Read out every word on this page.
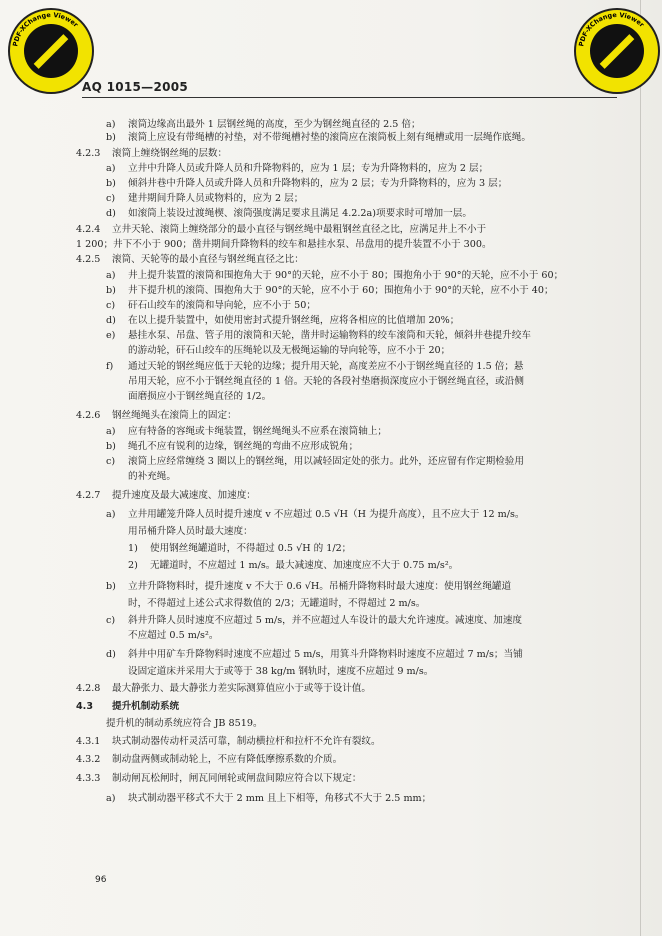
PDF-XChange Viewer
PDF-XChange Viewer
AQ 1015—2005
a) 滚筒边缘高出最外 1 层钢丝绳的高度，至少为钢丝绳直径的 2.5 倍；
b) 滚筒上应设有带绳槽的衬垫，对不带绳槽衬垫的滚筒应在滚筒板上刻有绳槽或用一层绳作底绳。
4.2.3 滚筒上缠绕钢丝绳的层数：
a) 立井中升降人员或升降人员和升降物料的，应为 1 层；专为升降物料的，应为 2 层；
b) 倾斜井巷中升降人员或升降人员和升降物料的，应为 2 层；专为升降物料的，应为 3 层；
c) 建井期间升降人员或物料的，应为 2 层；
d) 如滚筒上装设过渡绳楔、滚筒强度满足要求且满足 4.2.2a)项要求时可增加一层。
4.2.4 立井天轮、滚筒上缠绕部分的最小直径与钢丝绳中最粗钢丝直径之比，应满足井上不小于
1 200；井下不小于 900；凿井期间升降物料的绞车和悬挂水泵、吊盘用的提升装置不小于 300。
4.2.5 滚筒、天轮等的最小直径与钢丝绳直径之比：
a) 井上提升装置的滚筒和围抱角大于 90°的天轮，应不小于 80；围抱角小于 90°的天轮，应不小于 60；
b) 井下提升机的滚筒、围抱角大于 90°的天轮，应不小于 60；围抱角小于 90°的天轮，应不小于 40；
c) 矸石山绞车的滚筒和导向轮，应不小于 50；
d) 在以上提升装置中，如使用密封式提升钢丝绳，应将各相应的比值增加 20%；
e) 悬挂水泵、吊盘、管子用的滚筒和天轮，凿井时运输物料的绞车滚筒和天轮，倾斜井巷提升绞车
的游动轮，矸石山绞车的压绳轮以及无极绳运输的导向轮等，应不小于 20；
f) 通过天轮的钢丝绳应低于天轮的边缘；提升用天轮，高度差应不小于钢丝绳直径的 1.5 倍；悬
吊用天轮，应不小于钢丝绳直径的 1 倍。天轮的各段衬垫磨损深度应小于钢丝绳直径，或沿侧
面磨损应小于钢丝绳直径的 1/2。
4.2.6 钢丝绳绳头在滚筒上的固定：
a) 应有特备的容绳或卡绳装置，钢丝绳绳头不应系在滚筒轴上；
b) 绳孔不应有锐利的边缘，钢丝绳的弯曲不应形成锐角；
c) 滚筒上应经常缠绕 3 圈以上的钢丝绳，用以减轻固定处的张力。此外，还应留有作定期检验用
的补充绳。
4.2.7 提升速度及最大减速度、加速度：
a) 立井用罐笼升降人员时提升速度 v 不应超过 0.5 √H（H 为提升高度），且不应大于 12 m/s。
用吊桶升降人员时最大速度：
1) 使用钢丝绳罐道时，不得超过 0.5 √H 的 1/2；
2) 无罐道时，不应超过 1 m/s。最大减速度、加速度应不大于 0.75 m/s²。
b) 立井升降物料时，提升速度 v 不大于 0.6 √H。吊桶升降物料时最大速度：使用钢丝绳罐道
时，不得超过上述公式求得数值的 2/3；无罐道时，不得超过 2 m/s。
c) 斜井升降人员时速度不应超过 5 m/s，并不应超过人车设计的最大允许速度。减速度、加速度
不应超过 0.5 m/s²。
d) 斜井中用矿车升降物料时速度不应超过 5 m/s，用箕斗升降物料时速度不应超过 7 m/s；当铺
设固定道床并采用大于或等于 38 kg/m 钢轨时，速度不应超过 9 m/s。
4.2.8 最大静张力、最大静张力差实际测算值应小于或等于设计值。
4.3 提升机制动系统
提升机的制动系统应符合 JB 8519。
4.3.1 块式制动器传动杆灵活可靠，制动横拉杆和拉杆不允许有裂纹。
4.3.2 制动盘两侧或制动轮上，不应有降低摩擦系数的介质。
4.3.3 制动闸瓦松闸时，闸瓦同闸轮或闸盘间隙应符合以下规定：
a) 块式制动器平移式不大于 2 mm 且上下相等，角移式不大于 2.5 mm；
96
